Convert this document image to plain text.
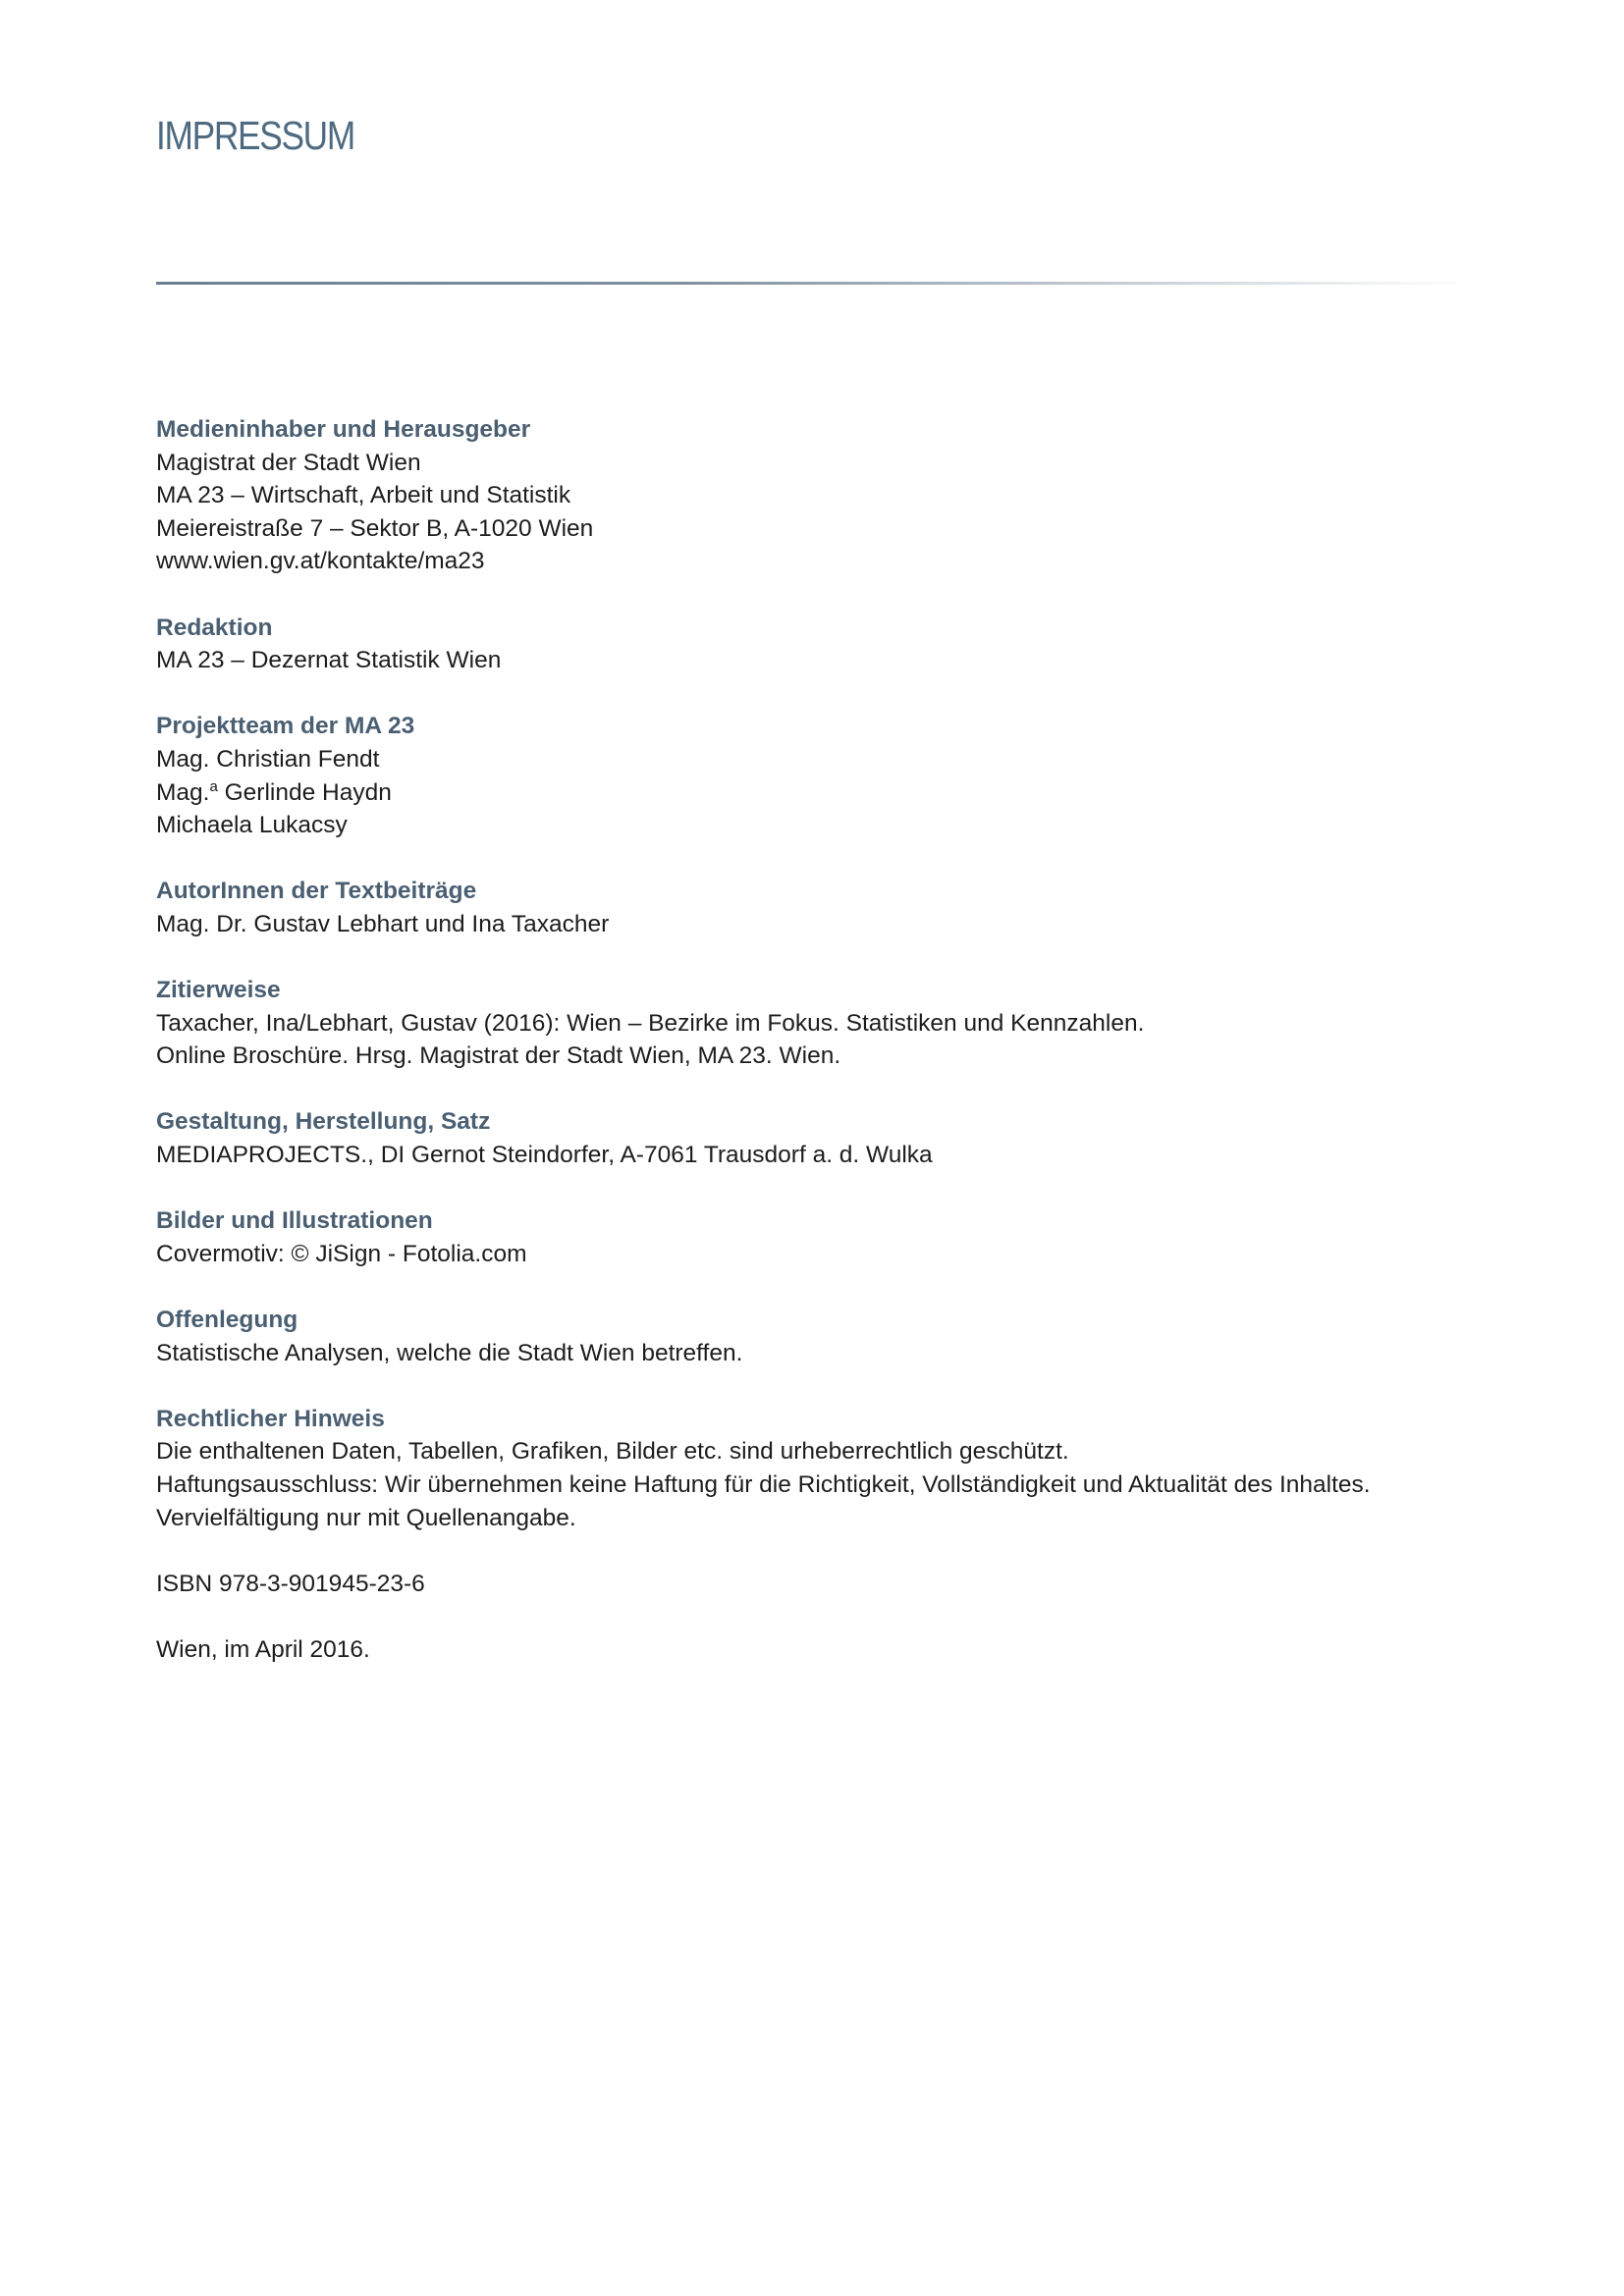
IMPRESSUM
Medieninhaber und Herausgeber
Magistrat der Stadt Wien
MA 23 – Wirtschaft, Arbeit und Statistik
Meiereistraße 7 – Sektor B, A-1020 Wien
www.wien.gv.at/kontakte/ma23
Redaktion
MA 23 – Dezernat Statistik Wien
Projektteam der MA 23
Mag. Christian Fendt
Mag.$^a$ Gerlinde Haydn
Michaela Lukacsy
AutorInnen der Textbeiträge
Mag. Dr. Gustav Lebhart und Ina Taxacher
Zitierweise
Taxacher, Ina/Lebhart, Gustav (2016): Wien – Bezirke im Fokus. Statistiken und Kennzahlen.
Online Broschüre. Hrsg. Magistrat der Stadt Wien, MA 23. Wien.
Gestaltung, Herstellung, Satz
MEDIAPROJECTS., DI Gernot Steindorfer, A-7061 Trausdorf a. d. Wulka
Bilder und Illustrationen
Covermotiv: © JiSign - Fotolia.com
Offenlegung
Statistische Analysen, welche die Stadt Wien betreffen.
Rechtlicher Hinweis
Die enthaltenen Daten, Tabellen, Grafiken, Bilder etc. sind urheberrechtlich geschützt.
Haftungsausschluss: Wir übernehmen keine Haftung für die Richtigkeit, Vollständigkeit und Aktualität des Inhaltes.
Vervielfältigung nur mit Quellenangabe.
ISBN 978-3-901945-23-6
Wien, im April 2016.
